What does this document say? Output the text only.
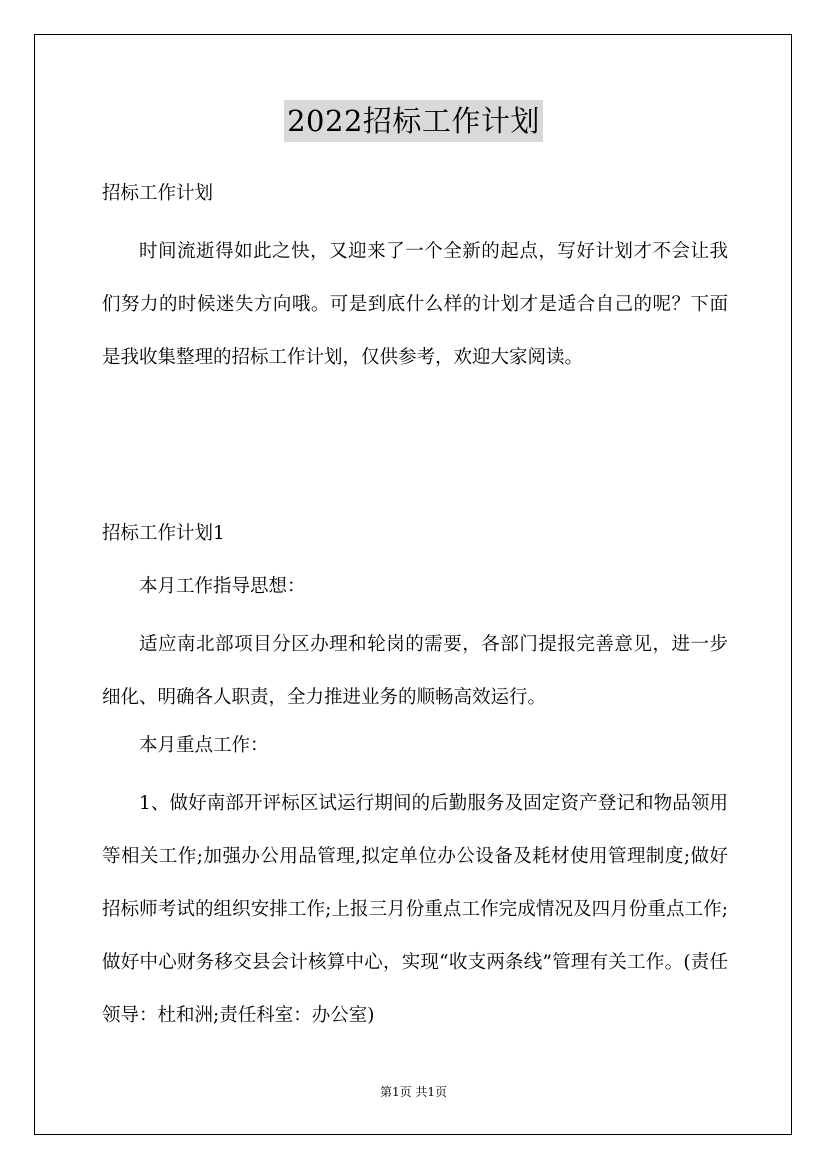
2022招标工作计划
招标工作计划

时间流逝得如此之快，又迎来了一个全新的起点，写好计划才不会让我们努力的时候迷失方向哦。可是到底什么样的计划才是适合自己的呢？下面是我收集整理的招标工作计划，仅供参考，欢迎大家阅读。

招标工作计划1
本月工作指导思想：

适应南北部项目分区办理和轮岗的需要，各部门提报完善意见，进一步细化、明确各人职责，全力推进业务的顺畅高效运行。

本月重点工作：

1、做好南部开评标区试运行期间的后勤服务及固定资产登记和物品领用等相关工作;加强办公用品管理,拟定单位办公设备及耗材使用管理制度;做好招标师考试的组织安排工作;上报三月份重点工作完成情况及四月份重点工作;做好中心财务移交县会计核算中心，实现“收支两条线”管理有关工作。(责任领导：杜和洲;责任科室：办公室)

第1页 共1页
